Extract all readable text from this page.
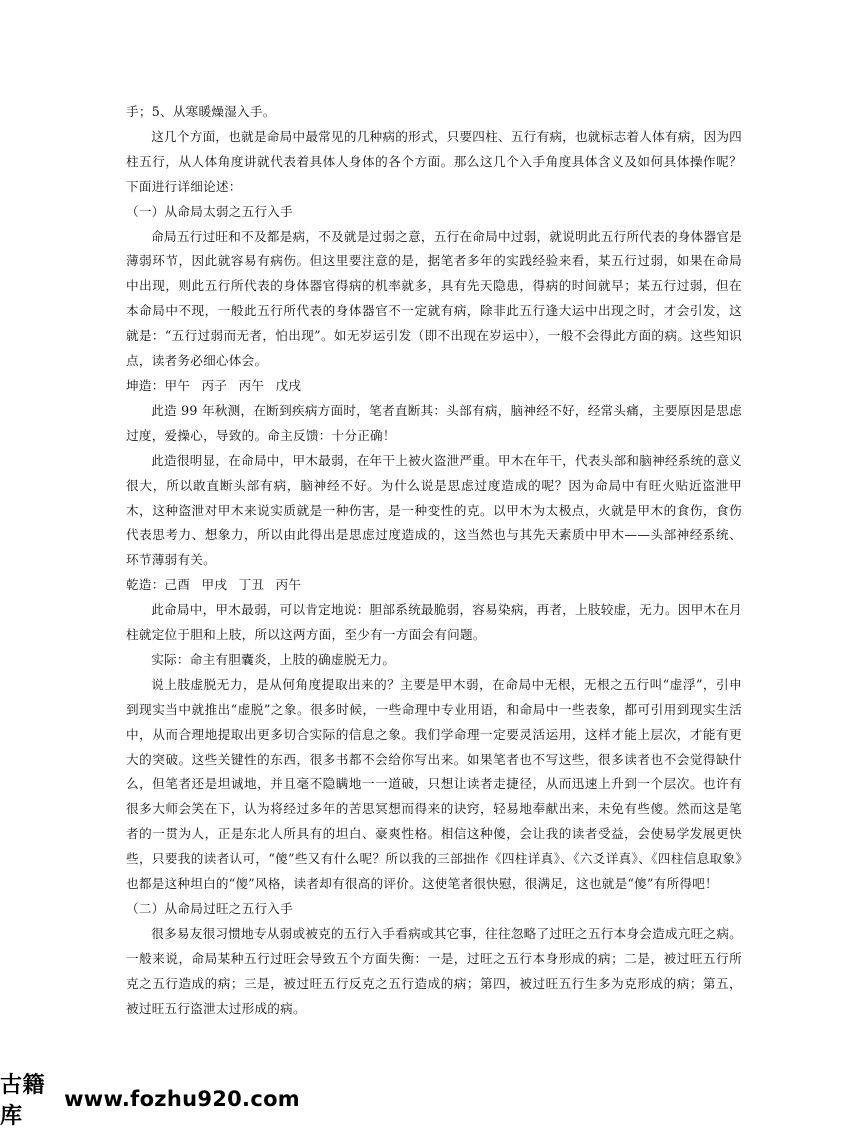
手；5、从寒暖燥湿入手。

这几个方面，也就是命局中最常见的几种病的形式，只要四柱、五行有病，也就标志着人体有病，因为四柱五行，从人体角度讲就代表着具体人身体的各个方面。那么这几个入手角度具体含义及如何具体操作呢？下面进行详细论述：

（一）从命局太弱之五行入手

命局五行过旺和不及都是病，不及就是过弱之意，五行在命局中过弱，就说明此五行所代表的身体器官是薄弱环节，因此就容易有病伤。但这里要注意的是，据笔者多年的实践经验来看，某五行过弱，如果在命局中出现，则此五行所代表的身体器官得病的机率就多，具有先天隐患，得病的时间就早；某五行过弱，但在本命局中不现，一般此五行所代表的身体器官不一定就有病，除非此五行逢大运中出现之时，才会引发，这就是：“五行过弱而无者，怕出现”。如无岁运引发（即不出现在岁运中），一般不会得此方面的病。这些知识点，读者务必细心体会。

坤造：甲午 丙子 丙午 戊戌

此造 99 年秋测，在断到疾病方面时，笔者直断其：头部有病，脑神经不好，经常头痛，主要原因是思虑过度，爱操心，导致的。命主反馈：十分正确！

此造很明显，在命局中，甲木最弱，在年干上被火盗泄严重。甲木在年干，代表头部和脑神经系统的意义很大，所以敢直断头部有病，脑神经不好。为什么说是思虑过度造成的呢？因为命局中有旺火贴近盗泄甲木，这种盗泄对甲木来说实质就是一种伤害，是一种变性的克。以甲木为太极点，火就是甲木的食伤，食伤代表思考力、想象力，所以由此得出是思虑过度造成的，这当然也与其先天素质中甲木——头部神经系统、环节薄弱有关。

乾造：己酉 甲戌 丁丑 丙午

此命局中，甲木最弱，可以肯定地说：胆部系统最脆弱，容易染病，再者，上肢较虚，无力。因甲木在月柱就定位于胆和上肢，所以这两方面，至少有一方面会有问题。

实际：命主有胆囊炎，上肢的确虚脱无力。

说上肢虚脱无力，是从何角度提取出来的？主要是甲木弱，在命局中无根，无根之五行叫“虚浮”，引申到现实当中就推出“虚脱”之象。很多时候，一些命理中专业用语，和命局中一些表象，都可引用到现实生活中，从而合理地提取出更多切合实际的信息之象。我们学命理一定要灵活运用，这样才能上层次，才能有更大的突破。这些关键性的东西，很多书都不会给你写出来。如果笔者也不写这些，很多读者也不会觉得缺什么，但笔者还是坦诚地，并且毫不隐瞒地一一道破，只想让读者走捷径，从而迅速上升到一个层次。也许有很多大师会笑在下，认为将经过多年的苦思冥想而得来的诀窍，轻易地奉献出来，未免有些傻。然而这是笔者的一贯为人，正是东北人所具有的坦白、豪爽性格。相信这种傻，会让我的读者受益，会使易学发展更快些，只要我的读者认可，“傻”些又有什么呢？所以我的三部拙作《四柱详真》、《六爻详真》、《四柱信息取象》也都是这种坦白的“傻”风格，读者却有很高的评价。这使笔者很快慰，很满足，这也就是“傻”有所得吧！

（二）从命局过旺之五行入手

很多易友很习惯地专从弱或被克的五行入手看病或其它事，往往忽略了过旺之五行本身会造成亢旺之病。一般来说，命局某种五行过旺会导致五个方面失衡：一是，过旺之五行本身形成的病；二是，被过旺五行所克之五行造成的病；三是，被过旺五行反克之五行造成的病；第四，被过旺五行生多为克形成的病；第五，被过旺五行盗泄太过形成的病。

古籍库
www.fozhu920.com
